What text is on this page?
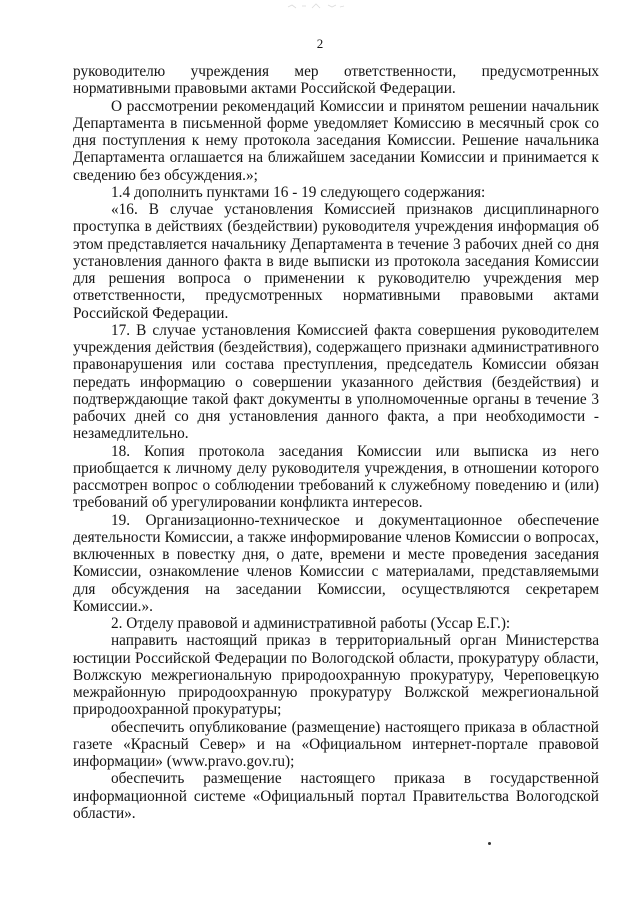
2

руководителю учреждения мер ответственности, предусмотренных нормативными правовыми актами Российской Федерации.

О рассмотрении рекомендаций Комиссии и принятом решении начальник Департамента в письменной форме уведомляет Комиссию в месячный срок со дня поступления к нему протокола заседания Комиссии. Решение начальника Департамента оглашается на ближайшем заседании Комиссии и принимается к сведению без обсуждения.»;

1.4 дополнить пунктами 16 - 19 следующего содержания:

«16. В случае установления Комиссией признаков дисциплинарного проступка в действиях (бездействии) руководителя учреждения информация об этом представляется начальнику Департамента в течение 3 рабочих дней со дня установления данного факта в виде выписки из протокола заседания Комиссии для решения вопроса о применении к руководителю учреждения мер ответственности, предусмотренных нормативными правовыми актами Российской Федерации.

17. В случае установления Комиссией факта совершения руководителем учреждения действия (бездействия), содержащего признаки административного правонарушения или состава преступления, председатель Комиссии обязан передать информацию о совершении указанного действия (бездействия) и подтверждающие такой факт документы в уполномоченные органы в течение 3 рабочих дней со дня установления данного факта, а при необходимости - незамедлительно.

18. Копия протокола заседания Комиссии или выписка из него приобщается к личному делу руководителя учреждения, в отношении которого рассмотрен вопрос о соблюдении требований к служебному поведению и (или) требований об урегулировании конфликта интересов.

19. Организационно-техническое и документационное обеспечение деятельности Комиссии, а также информирование членов Комиссии о вопросах, включенных в повестку дня, о дате, времени и месте проведения заседания Комиссии, ознакомление членов Комиссии с материалами, представляемыми для обсуждения на заседании Комиссии, осуществляются секретарем Комиссии.».

2. Отделу правовой и административной работы (Уссар Е.Г.):

направить настоящий приказ в территориальный орган Министерства юстиции Российской Федерации по Вологодской области, прокуратуру области, Волжскую межрегиональную природоохранную прокуратуру, Череповецкую межрайонную природоохранную прокуратуру Волжской межрегиональной природоохранной прокуратуры;

обеспечить опубликование (размещение) настоящего приказа в областной газете «Красный Север» и на «Официальном интернет-портале правовой информации» (www.pravo.gov.ru);

обеспечить размещение настоящего приказа в государственной информационной системе «Официальный портал Правительства Вологодской области».
